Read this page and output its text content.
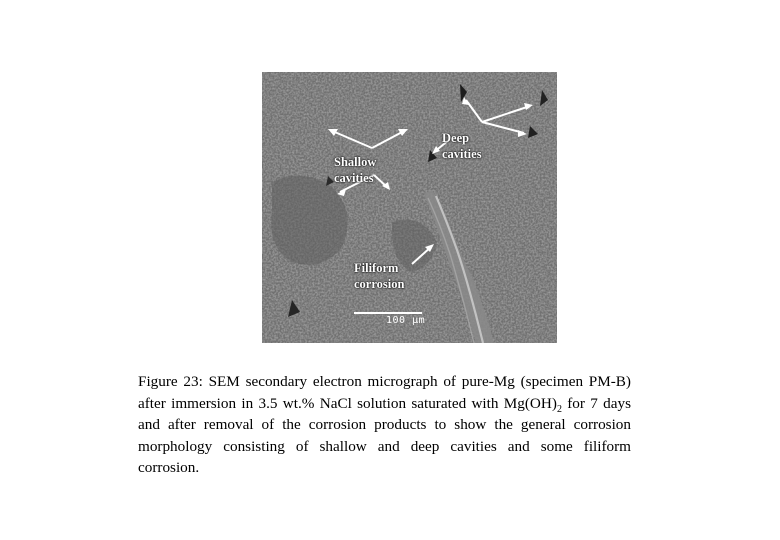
Shallow
cavities
Deep
cavities
Filiform
corrosion
100 μm
Figure 23: SEM secondary electron micrograph of pure-Mg (specimen PM-B) after immersion in 3.5 wt.% NaCl solution saturated with $Mg(OH)_2$ for 7 days and after removal of the corrosion products to show the general corrosion morphology consisting of shallow and deep cavities and some filiform corrosion.
